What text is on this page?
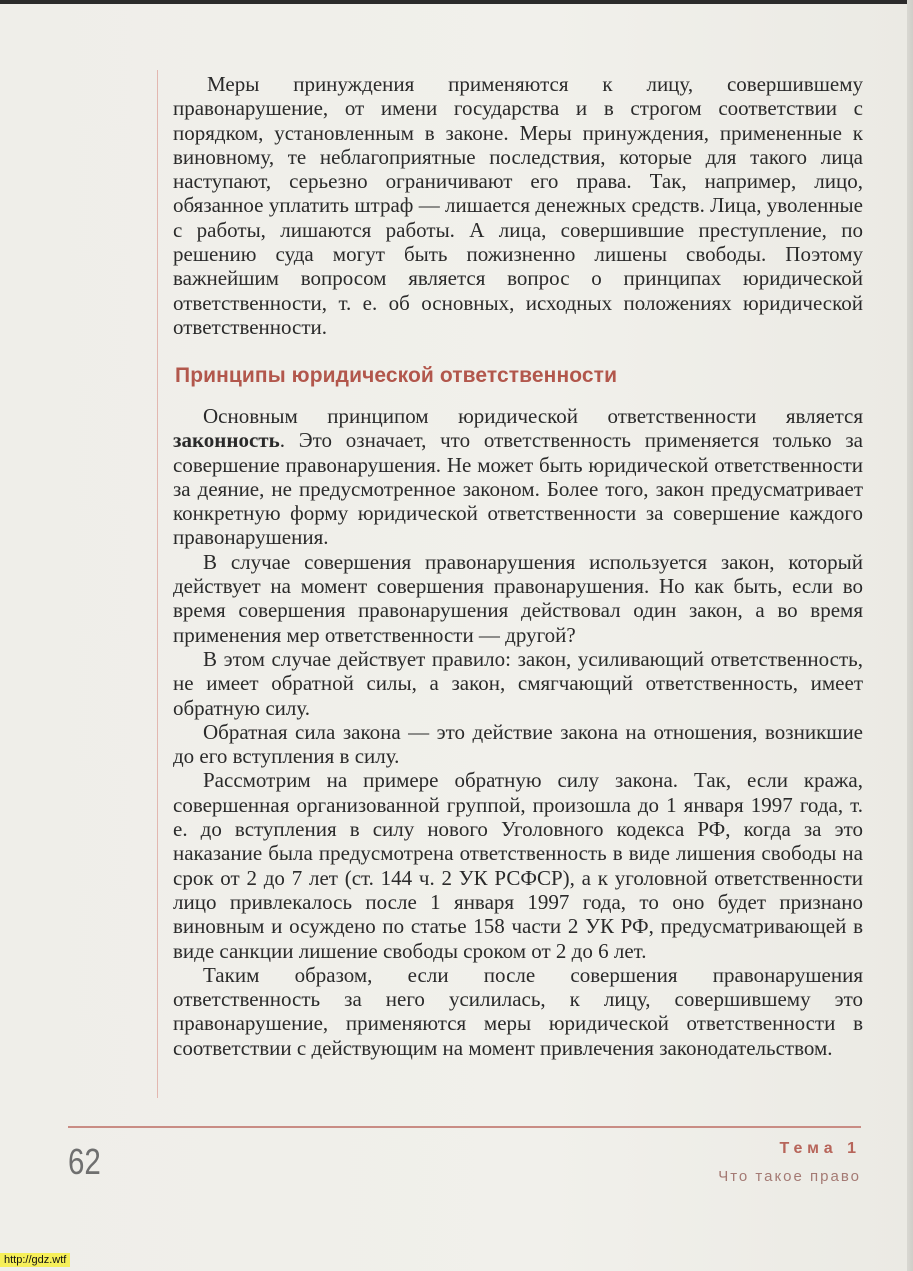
Меры принуждения применяются к лицу, совершившему правонарушение, от имени государства и в строгом соответствии с порядком, установленным в законе. Меры принуждения, примененные к виновному, те неблагоприятные последствия, которые для такого лица наступают, серьезно ограничивают его права. Так, например, лицо, обязанное уплатить штраф — лишается денежных средств. Лица, уволенные с работы, лишаются работы. А лица, совершившие преступление, по решению суда могут быть пожизненно лишены свободы. Поэтому важнейшим вопросом является вопрос о принципах юридической ответственности, т. е. об основных, исходных положениях юридической ответственности.

Принципы юридической ответственности

Основным принципом юридической ответственности является законность. Это означает, что ответственность применяется только за совершение правонарушения. Не может быть юридической ответственности за деяние, не предусмотренное законом. Более того, закон предусматривает конкретную форму юридической ответственности за совершение каждого правонарушения.

В случае совершения правонарушения используется закон, который действует на момент совершения правонарушения. Но как быть, если во время совершения правонарушения действовал один закон, а во время применения мер ответственности — другой?

В этом случае действует правило: закон, усиливающий ответственность, не имеет обратной силы, а закон, смягчающий ответственность, имеет обратную силу.

Обратная сила закона — это действие закона на отношения, возникшие до его вступления в силу.

Рассмотрим на примере обратную силу закона. Так, если кража, совершенная организованной группой, произошла до 1 января 1997 года, т. е. до вступления в силу нового Уголовного кодекса РФ, когда за это наказание была предусмотрена ответственность в виде лишения свободы на срок от 2 до 7 лет (ст. 144 ч. 2 УК РСФСР), а к уголовной ответственности лицо привлекалось после 1 января 1997 года, то оно будет признано виновным и осуждено по статье 158 части 2 УК РФ, предусматривающей в виде санкции лишение свободы сроком от 2 до 6 лет.

Таким образом, если после совершения правонарушения ответственность за него усилилась, к лицу, совершившему это правонарушение, применяются меры юридической ответственности в соответствии с действующим на момент привлечения законодательством.

62	Тема 1
Что такое право
http://gdz.wtf
